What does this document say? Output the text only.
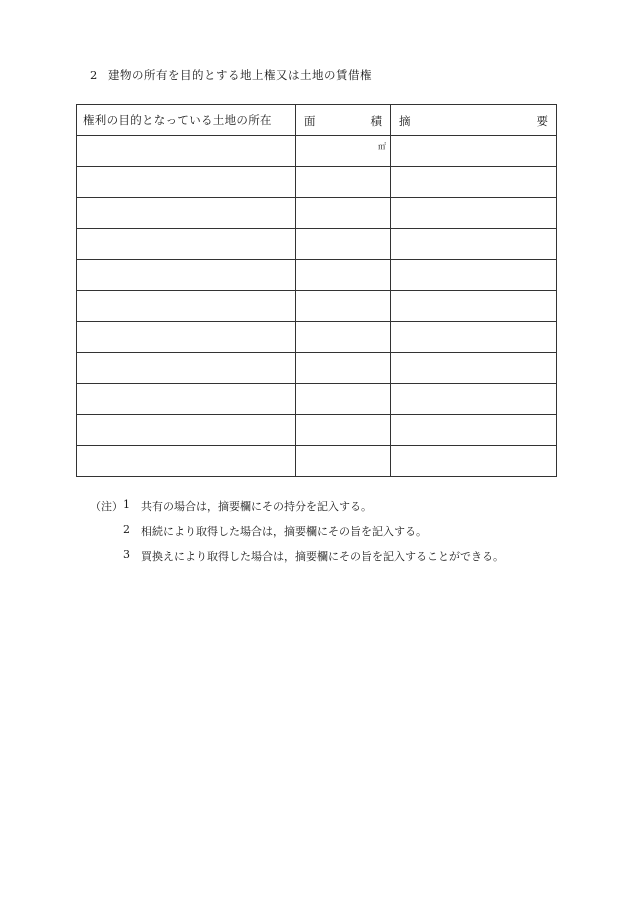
2 建物の所有を目的とする地上権又は土地の賃借権
権利の目的となっている土地の所在	面 積	摘 要

	㎡	

（注） 1 共有の場合は，摘要欄にその持分を記入する。
2 相続により取得した場合は，摘要欄にその旨を記入する。
3 買換えにより取得した場合は，摘要欄にその旨を記入することができる。
